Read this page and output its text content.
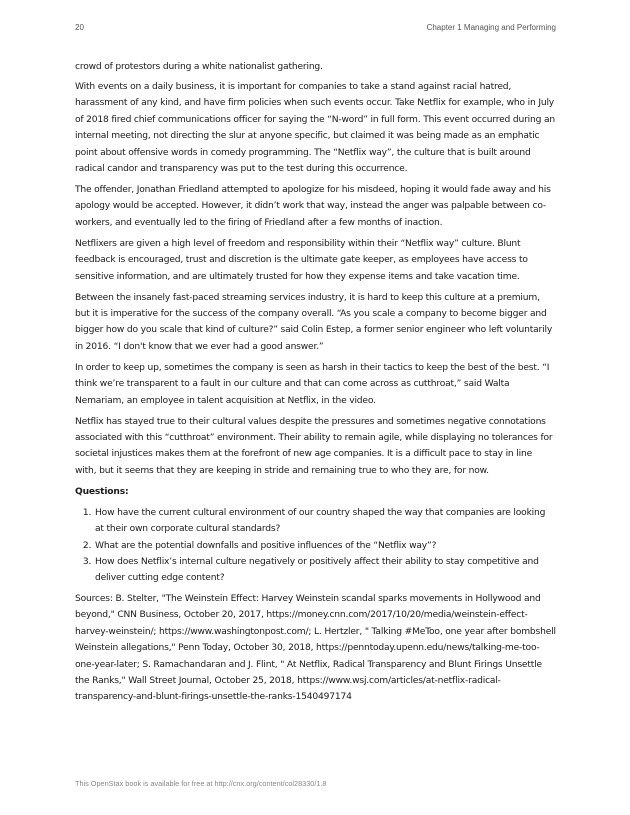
20	Chapter 1 Managing and Performing

crowd of protestors during a white nationalist gathering.

With events on a daily business, it is important for companies to take a stand against racial hatred, harassment of any kind, and have firm policies when such events occur. Take Netflix for example, who in July of 2018 fired chief communications officer for saying the “N-word” in full form. This event occurred during an internal meeting, not directing the slur at anyone specific, but claimed it was being made as an emphatic point about offensive words in comedy programming. The “Netflix way”, the culture that is built around radical candor and transparency was put to the test during this occurrence.

The offender, Jonathan Friedland attempted to apologize for his misdeed, hoping it would fade away and his apology would be accepted. However, it didn’t work that way, instead the anger was palpable between co-workers, and eventually led to the firing of Friedland after a few months of inaction.

Netflixers are given a high level of freedom and responsibility within their “Netflix way” culture. Blunt feedback is encouraged, trust and discretion is the ultimate gate keeper, as employees have access to sensitive information, and are ultimately trusted for how they expense items and take vacation time.

Between the insanely fast-paced streaming services industry, it is hard to keep this culture at a premium, but it is imperative for the success of the company overall. “As you scale a company to become bigger and bigger how do you scale that kind of culture?” said Colin Estep, a former senior engineer who left voluntarily in 2016. “I don't know that we ever had a good answer.”

In order to keep up, sometimes the company is seen as harsh in their tactics to keep the best of the best. “I think we’re transparent to a fault in our culture and that can come across as cutthroat,” said Walta Nemariam, an employee in talent acquisition at Netflix, in the video.

Netflix has stayed true to their cultural values despite the pressures and sometimes negative connotations associated with this “cutthroat” environment. Their ability to remain agile, while displaying no tolerances for societal injustices makes them at the forefront of new age companies. It is a difficult pace to stay in line with, but it seems that they are keeping in stride and remaining true to who they are, for now.

Questions:

1. How have the current cultural environment of our country shaped the way that companies are looking at their own corporate cultural standards?
2. What are the potential downfalls and positive influences of the “Netflix way”?
3. How does Netflix’s internal culture negatively or positively affect their ability to stay competitive and deliver cutting edge content?

Sources: B. Stelter, "The Weinstein Effect: Harvey Weinstein scandal sparks movements in Hollywood and beyond," CNN Business, October 20, 2017, https://money.cnn.com/2017/10/20/media/weinstein-effect-harvey-weinstein/; https://www.washingtonpost.com/; L. Hertzler, " Talking #MeToo, one year after bombshell Weinstein allegations," Penn Today, October 30, 2018, https://penntoday.upenn.edu/news/talking-me-too-one-year-later; S. Ramachandaran and J. Flint, " At Netflix, Radical Transparency and Blunt Firings Unsettle the Ranks," Wall Street Journal, October 25, 2018, https://www.wsj.com/articles/at-netflix-radical-transparency-and-blunt-firings-unsettle-the-ranks-1540497174

This OpenStax book is available for free at http://cnx.org/content/col28330/1.8
